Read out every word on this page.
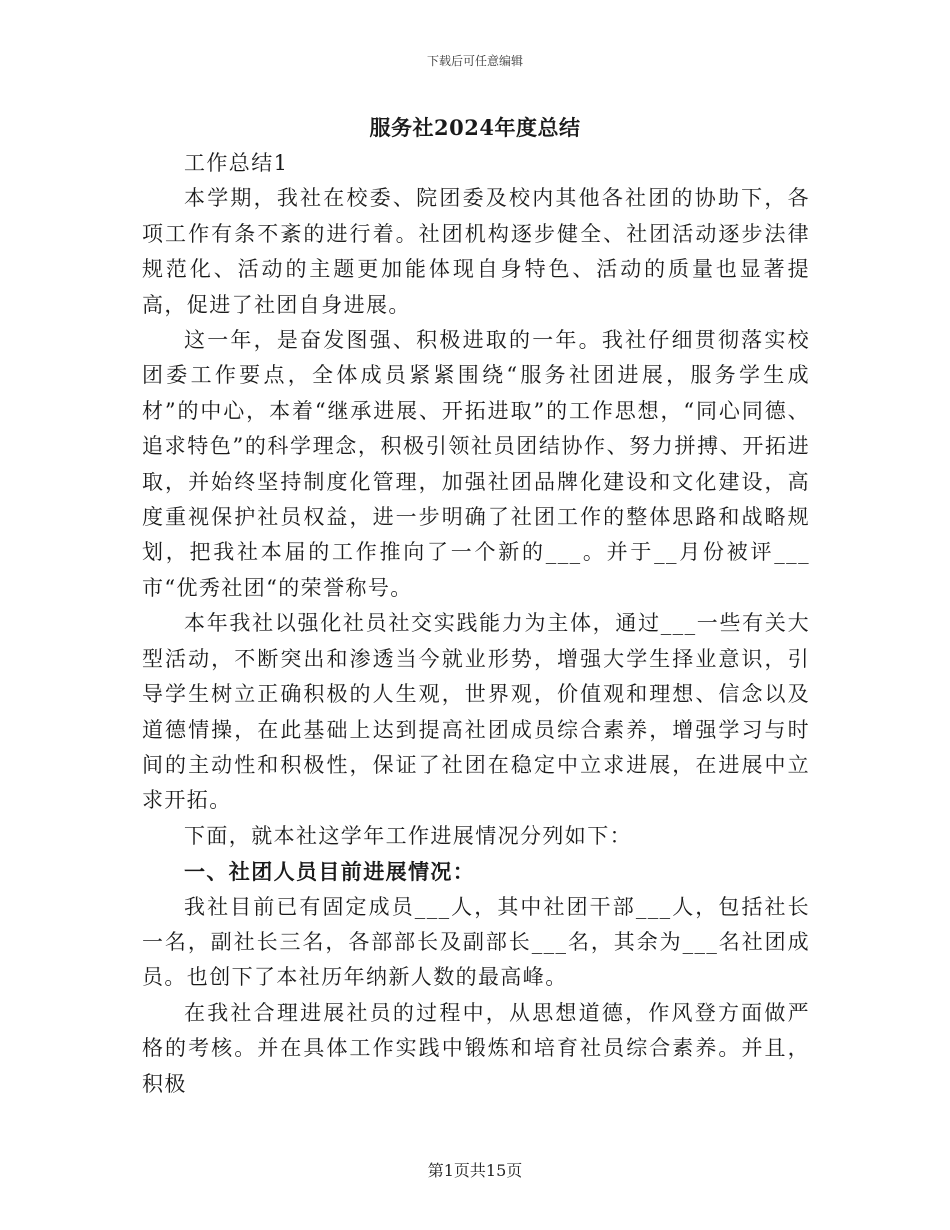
下载后可任意编辑
服务社2024年度总结

工作总结1

本学期，我社在校委、院团委及校内其他各社团的协助下，各项工作有条不紊的进行着。社团机构逐步健全、社团活动逐步法律规范化、活动的主题更加能体现自身特色、活动的质量也显著提高，促进了社团自身进展。

这一年，是奋发图强、积极进取的一年。我社仔细贯彻落实校团委工作要点，全体成员紧紧围绕“服务社团进展，服务学生成材”的中心，本着“继承进展、开拓进取”的工作思想，“同心同德、追求特色”的科学理念，积极引领社员团结协作、努力拼搏、开拓进取，并始终坚持制度化管理，加强社团品牌化建设和文化建设，高度重视保护社员权益，进一步明确了社团工作的整体思路和战略规划，把我社本届的工作推向了一个新的___。并于__月份被评___市“优秀社团“的荣誉称号。

本年我社以强化社员社交实践能力为主体，通过___一些有关大型活动，不断突出和渗透当今就业形势，增强大学生择业意识，引导学生树立正确积极的人生观，世界观，价值观和理想、信念以及道德情操，在此基础上达到提高社团成员综合素养，增强学习与时间的主动性和积极性，保证了社团在稳定中立求进展，在进展中立求开拓。

下面，就本社这学年工作进展情况分列如下：

一、社团人员目前进展情况：

我社目前已有固定成员___人，其中社团干部___人，包括社长一名，副社长三名，各部部长及副部长___名，其余为___名社团成员。也创下了本社历年纳新人数的最高峰。

在我社合理进展社员的过程中，从思想道德，作风登方面做严格的考核。并在具体工作实践中锻炼和培育社员综合素养。并且，积极

第1页共15页
